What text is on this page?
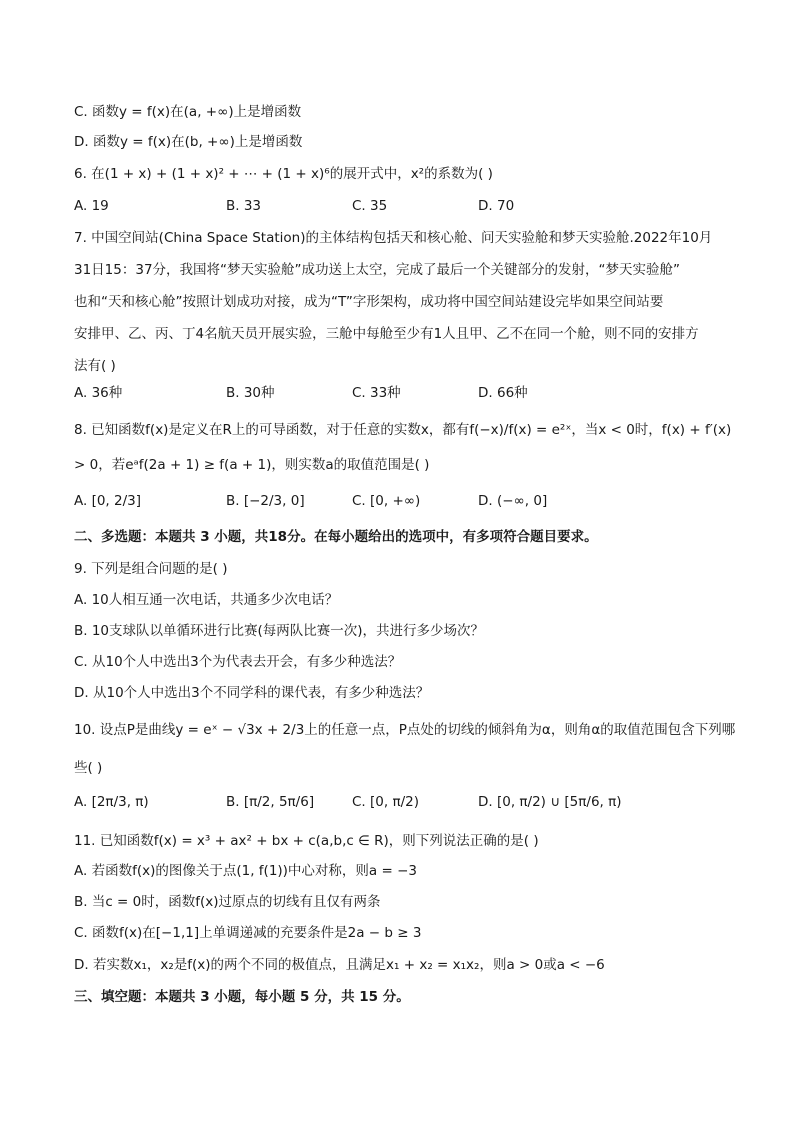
C. 函数y = f(x)在(a, +∞)上是增函数
D. 函数y = f(x)在(b, +∞)上是增函数
6. 在(1 + x) + (1 + x)² + ⋯ + (1 + x)⁶的展开式中，x²的系数为( )
A. 19	B. 33	C. 35	D. 70
7. 中国空间站(China Space Station)的主体结构包括天和核心舱、问天实验舱和梦天实验舱.2022年10月
31日15：37分，我国将“梦天实验舱”成功送上太空，完成了最后一个关键部分的发射，“梦天实验舱”
也和“天和核心舱”按照计划成功对接，成为“T”字形架构，成功将中国空间站建设完毕如果空间站要
安排甲、乙、丙、丁4名航天员开展实验，三舱中每舱至少有1人且甲、乙不在同一个舱，则不同的安排方
法有( )
A. 36种	B. 30种	C. 33种	D. 66种
8. 已知函数f(x)是定义在R上的可导函数，对于任意的实数x，都有f(−x)/f(x) = e²ˣ，当x < 0时，f(x) + f′(x)
> 0，若eᵃf(2a + 1) ≥ f(a + 1)，则实数a的取值范围是( )
A. [0, 2/3]	B. [−2/3, 0]	C. [0, +∞)	D. (−∞, 0]
二、多选题：本题共 3 小题，共18分。在每小题给出的选项中，有多项符合题目要求。
9. 下列是组合问题的是( )
A. 10人相互通一次电话，共通多少次电话？
B. 10支球队以单循环进行比赛(每两队比赛一次)，共进行多少场次？
C. 从10个人中选出3个为代表去开会，有多少种选法？
D. 从10个人中选出3个不同学科的课代表，有多少种选法？
10. 设点P是曲线y = eˣ − √3x + 2/3上的任意一点，P点处的切线的倾斜角为α，则角α的取值范围包含下列哪
些( )
A. [2π/3, π)	B. [π/2, 5π/6]	C. [0, π/2)	D. [0, π/2) ∪ [5π/6, π)
11. 已知函数f(x) = x³ + ax² + bx + c(a,b,c ∈ R)，则下列说法正确的是( )
A. 若函数f(x)的图像关于点(1, f(1))中心对称，则a = −3
B. 当c = 0时，函数f(x)过原点的切线有且仅有两条
C. 函数f(x)在[−1,1]上单调递减的充要条件是2a − b ≥ 3
D. 若实数x₁，x₂是f(x)的两个不同的极值点，且满足x₁ + x₂ = x₁x₂，则a > 0或a < −6
三、填空题：本题共 3 小题，每小题 5 分，共 15 分。
